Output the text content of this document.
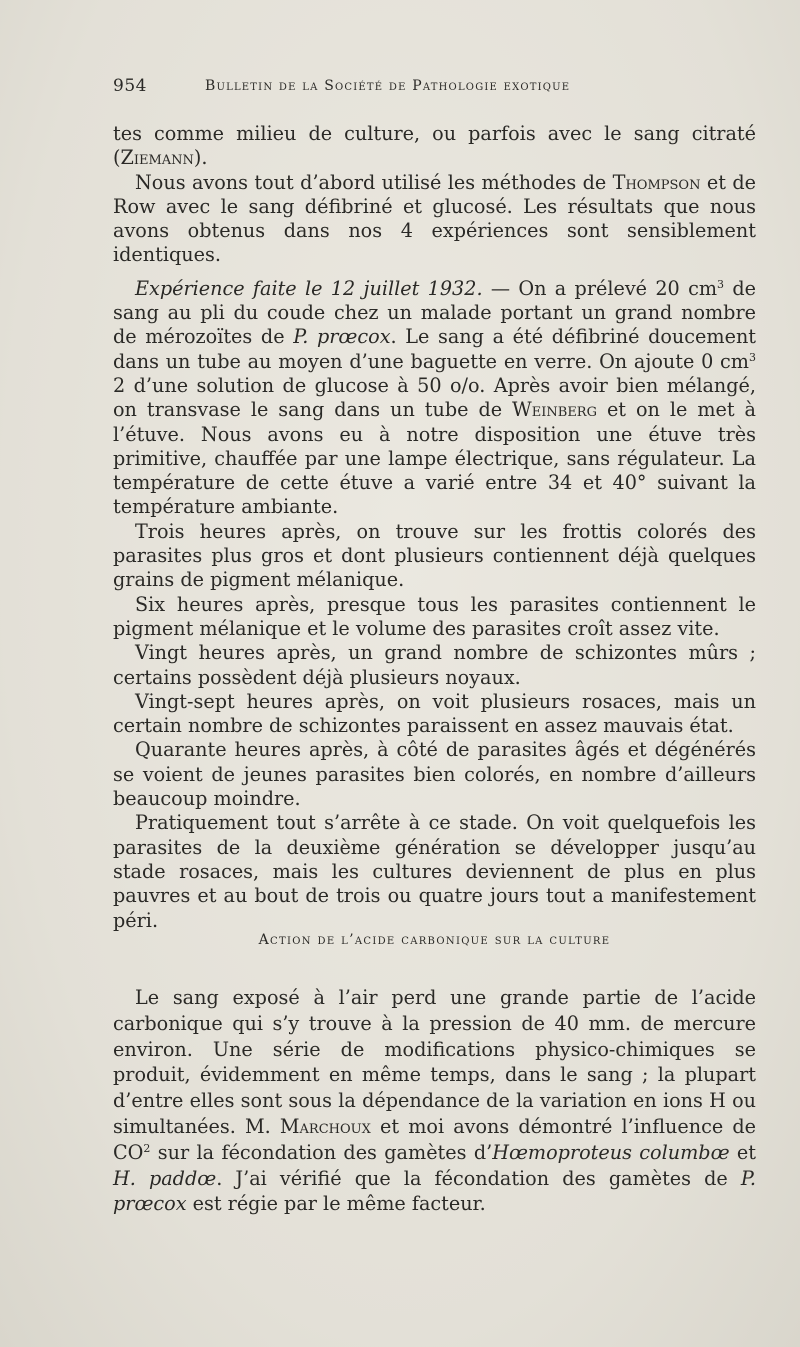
954	Bulletin de la Société de Pathologie exotique

tes comme milieu de culture, ou parfois avec le sang citraté (Ziemann).

Nous avons tout d’abord utilisé les méthodes de Thompson et de Row avec le sang défibriné et glucosé. Les résultats que nous avons obtenus dans nos 4 expériences sont sensiblement identiques.

Expérience faite le 12 juillet 1932. — On a prélevé 20 $cm^3$ de sang au pli du coude chez un malade portant un grand nombre de mérozoïtes de P. prœcox. Le sang a été défibriné doucement dans un tube au moyen d’une baguette en verre. On ajoute 0 $cm^3$ 2 d’une solution de glucose à 50 o/o. Après avoir bien mélangé, on transvase le sang dans un tube de Weinberg et on le met à l’étuve. Nous avons eu à notre disposition une étuve très primitive, chauffée par une lampe électrique, sans régulateur. La température de cette étuve a varié entre 34 et 40° suivant la température ambiante.

Trois heures après, on trouve sur les frottis colorés des parasites plus gros et dont plusieurs contiennent déjà quelques grains de pigment mélanique.

Six heures après, presque tous les parasites contiennent le pigment mélanique et le volume des parasites croît assez vite.

Vingt heures après, un grand nombre de schizontes mûrs ; certains possèdent déjà plusieurs noyaux.

Vingt-sept heures après, on voit plusieurs rosaces, mais un certain nombre de schizontes paraissent en assez mauvais état.

Quarante heures après, à côté de parasites âgés et dégénérés se voient de jeunes parasites bien colorés, en nombre d’ailleurs beaucoup moindre.

Pratiquement tout s’arrête à ce stade. On voit quelquefois les parasites de la deuxième génération se développer jusqu’au stade rosaces, mais les cultures deviennent de plus en plus pauvres et au bout de trois ou quatre jours tout a manifestement péri.

Action de l’acide carbonique sur la culture

Le sang exposé à l’air perd une grande partie de l’acide carbonique qui s’y trouve à la pression de 40 mm. de mercure environ. Une série de modifications physico-chimiques se produit, évidemment en même temps, dans le sang ; la plupart d’entre elles sont sous la dépendance de la variation en ions H ou simultanées. M. Marchoux et moi avons démontré l’influence de $CO^2$ sur la fécondation des gamètes d’Hœmoproteus columbœ et H. paddœ. J’ai vérifié que la fécondation des gamètes de P. prœcox est régie par le même facteur.
